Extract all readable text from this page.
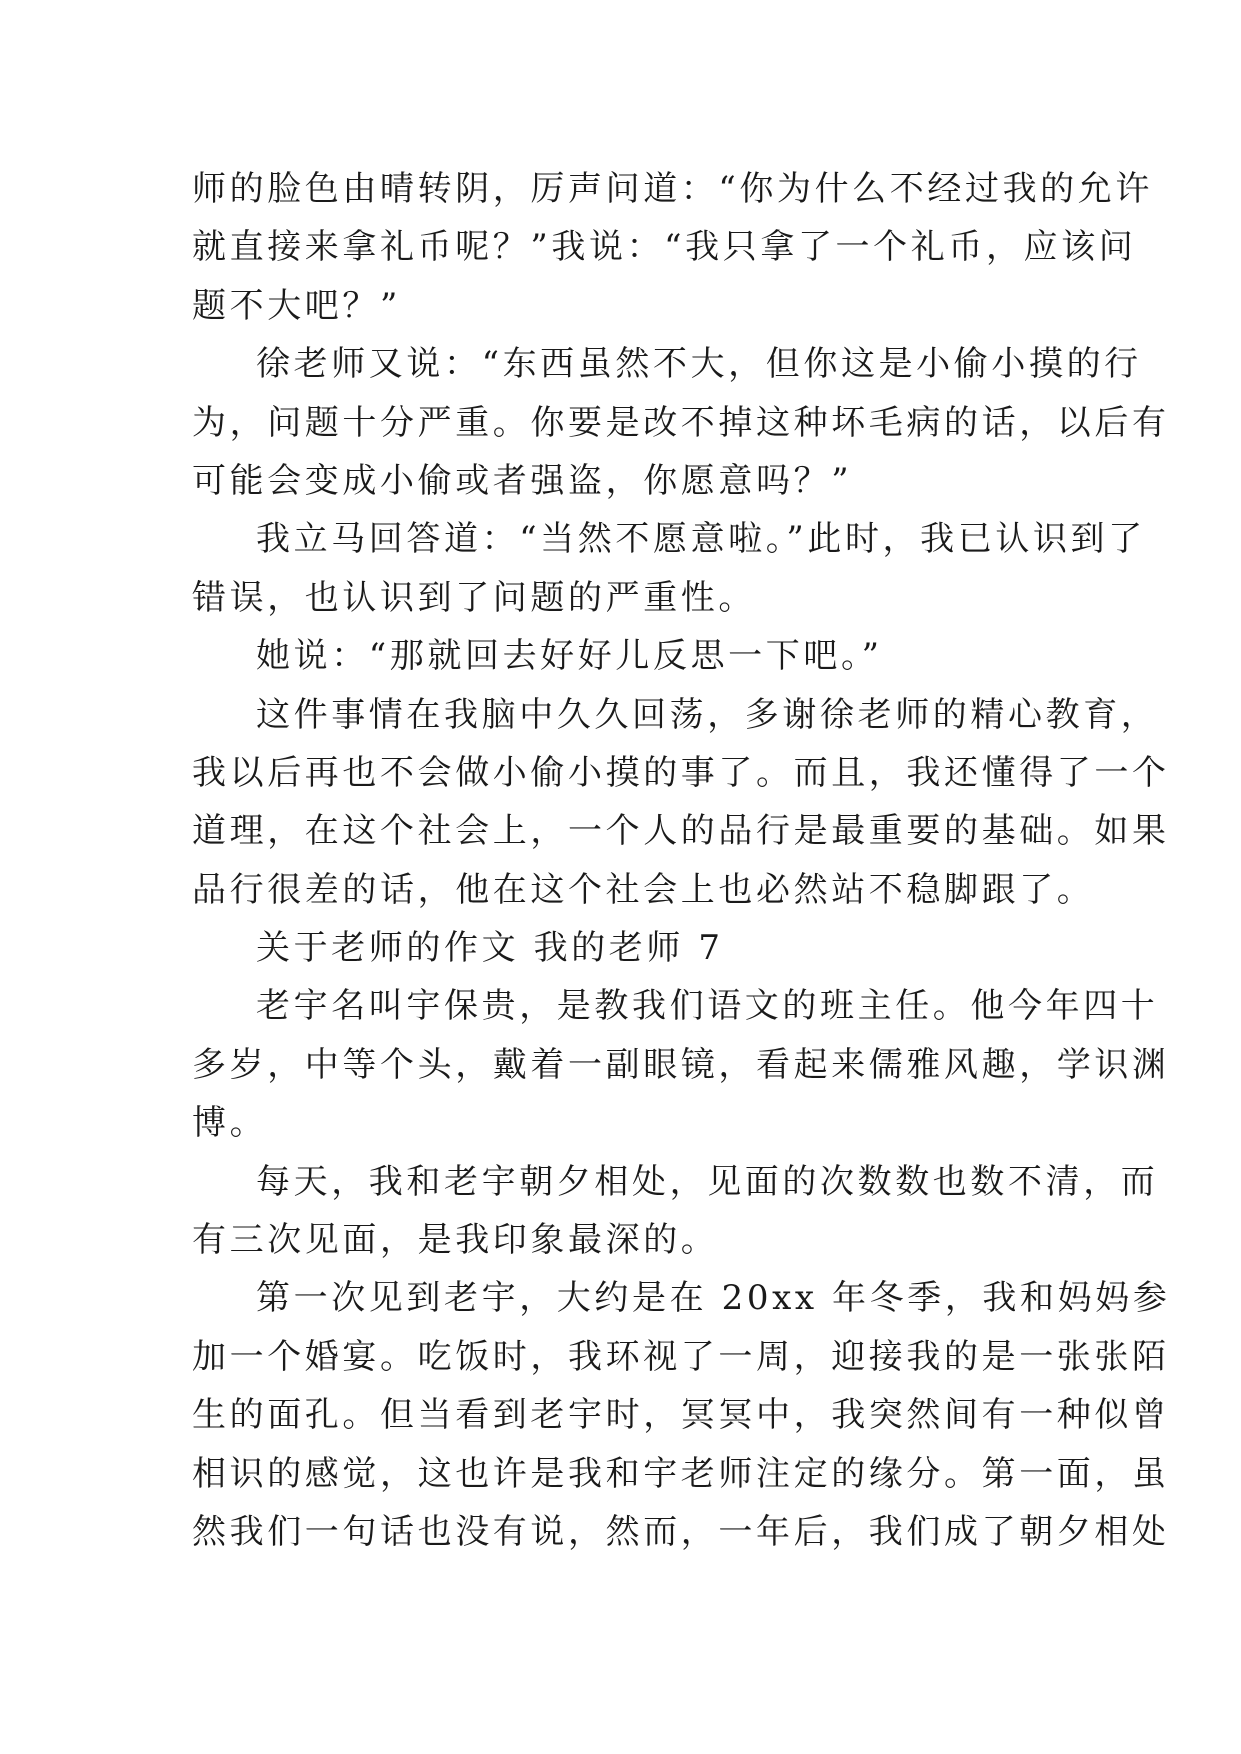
师的脸色由晴转阴，厉声问道：“你为什么不经过我的允许
就直接来拿礼币呢？”我说：“我只拿了一个礼币，应该问
题不大吧？”
徐老师又说：“东西虽然不大，但你这是小偷小摸的行
为，问题十分严重。你要是改不掉这种坏毛病的话，以后有
可能会变成小偷或者强盗，你愿意吗？”
我立马回答道：“当然不愿意啦。”此时，我已认识到了
错误，也认识到了问题的严重性。
她说：“那就回去好好儿反思一下吧。”
这件事情在我脑中久久回荡，多谢徐老师的精心教育，
我以后再也不会做小偷小摸的事了。而且，我还懂得了一个
道理，在这个社会上，一个人的品行是最重要的基础。如果
品行很差的话，他在这个社会上也必然站不稳脚跟了。
关于老师的作文 我的老师 7
老宇名叫宇保贵，是教我们语文的班主任。他今年四十
多岁，中等个头，戴着一副眼镜，看起来儒雅风趣，学识渊
博。
每天，我和老宇朝夕相处，见面的次数数也数不清，而
有三次见面，是我印象最深的。
第一次见到老宇，大约是在 20xx 年冬季，我和妈妈参
加一个婚宴。吃饭时，我环视了一周，迎接我的是一张张陌
生的面孔。但当看到老宇时，冥冥中，我突然间有一种似曾
相识的感觉，这也许是我和宇老师注定的缘分。第一面，虽
然我们一句话也没有说，然而，一年后，我们成了朝夕相处
